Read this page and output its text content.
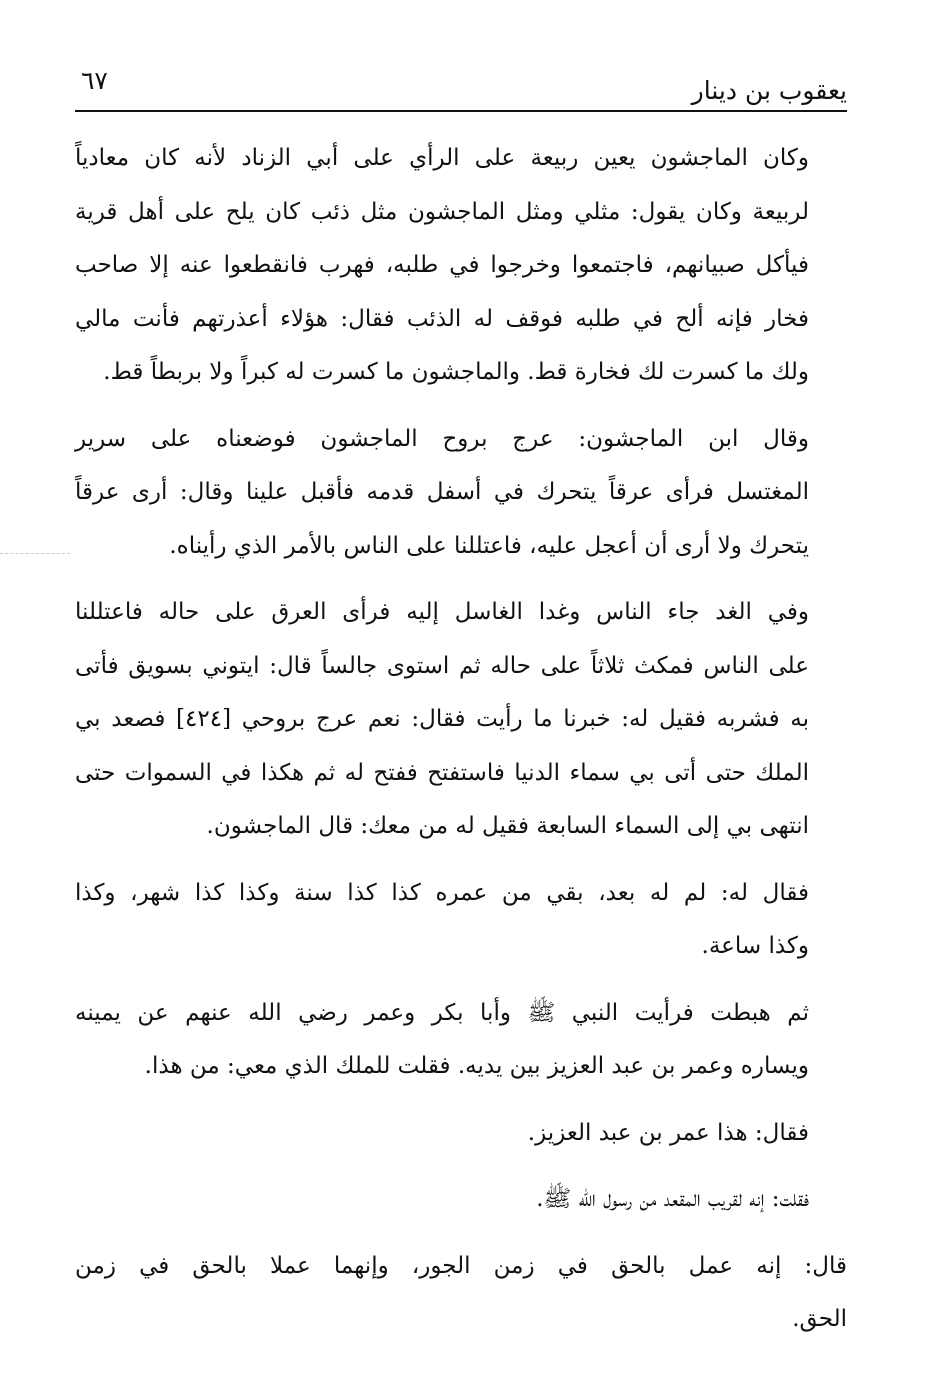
يعقوب بن دينار
٦٧

وكان الماجشون يعين ربيعة على الرأي على أبي الزناد لأنه كان معادياً
لربيعة وكان يقول: مثلي ومثل الماجشون مثل ذئب كان يلح على أهل قرية
فيأكل صبيانهم، فاجتمعوا وخرجوا في طلبه، فهرب فانقطعوا عنه إلا صاحب
فخار فإنه ألح في طلبه فوقف له الذئب فقال: هؤلاء أعذرتهم فأنت مالي
ولك ما كسرت لك فخارة قط. والماجشون ما كسرت له كبراً ولا بربطاً قط.

وقال ابن الماجشون: عرج بروح الماجشون فوضعناه على سرير
المغتسل فرأى عرقاً يتحرك في أسفل قدمه فأقبل علينا وقال: أرى عرقاً
يتحرك ولا أرى أن أعجل عليه، فاعتللنا على الناس بالأمر الذي رأيناه.

وفي الغد جاء الناس وغدا الغاسل إليه فرأى العرق على حاله فاعتللنا
على الناس فمكث ثلاثاً على حاله ثم استوى جالساً قال: ايتوني بسويق فأتى
به فشربه فقيل له: خبرنا ما رأيت فقال: نعم عرج بروحي [٤٢٤] فصعد بي
الملك حتى أتى بي سماء الدنيا فاستفتح ففتح له ثم هكذا في السموات حتى
انتهى بي إلى السماء السابعة فقيل له من معك: قال الماجشون.

فقال له: لم له بعد، بقي من عمره كذا كذا سنة وكذا كذا شهر، وكذا
وكذا ساعة.

ثم هبطت فرأيت النبي ﷺ وأبا بكر وعمر رضي الله عنهم عن يمينه
ويساره وعمر بن عبد العزيز بين يديه. فقلت للملك الذي معي: من هذا.

فقال: هذا عمر بن عبد العزيز.

فقلت: إنه لقريب المقعد من رسول الله ﷺ.

قال: إنه عمل بالحق في زمن الجور، وإنهما عملا بالحق في زمن
الحق.
